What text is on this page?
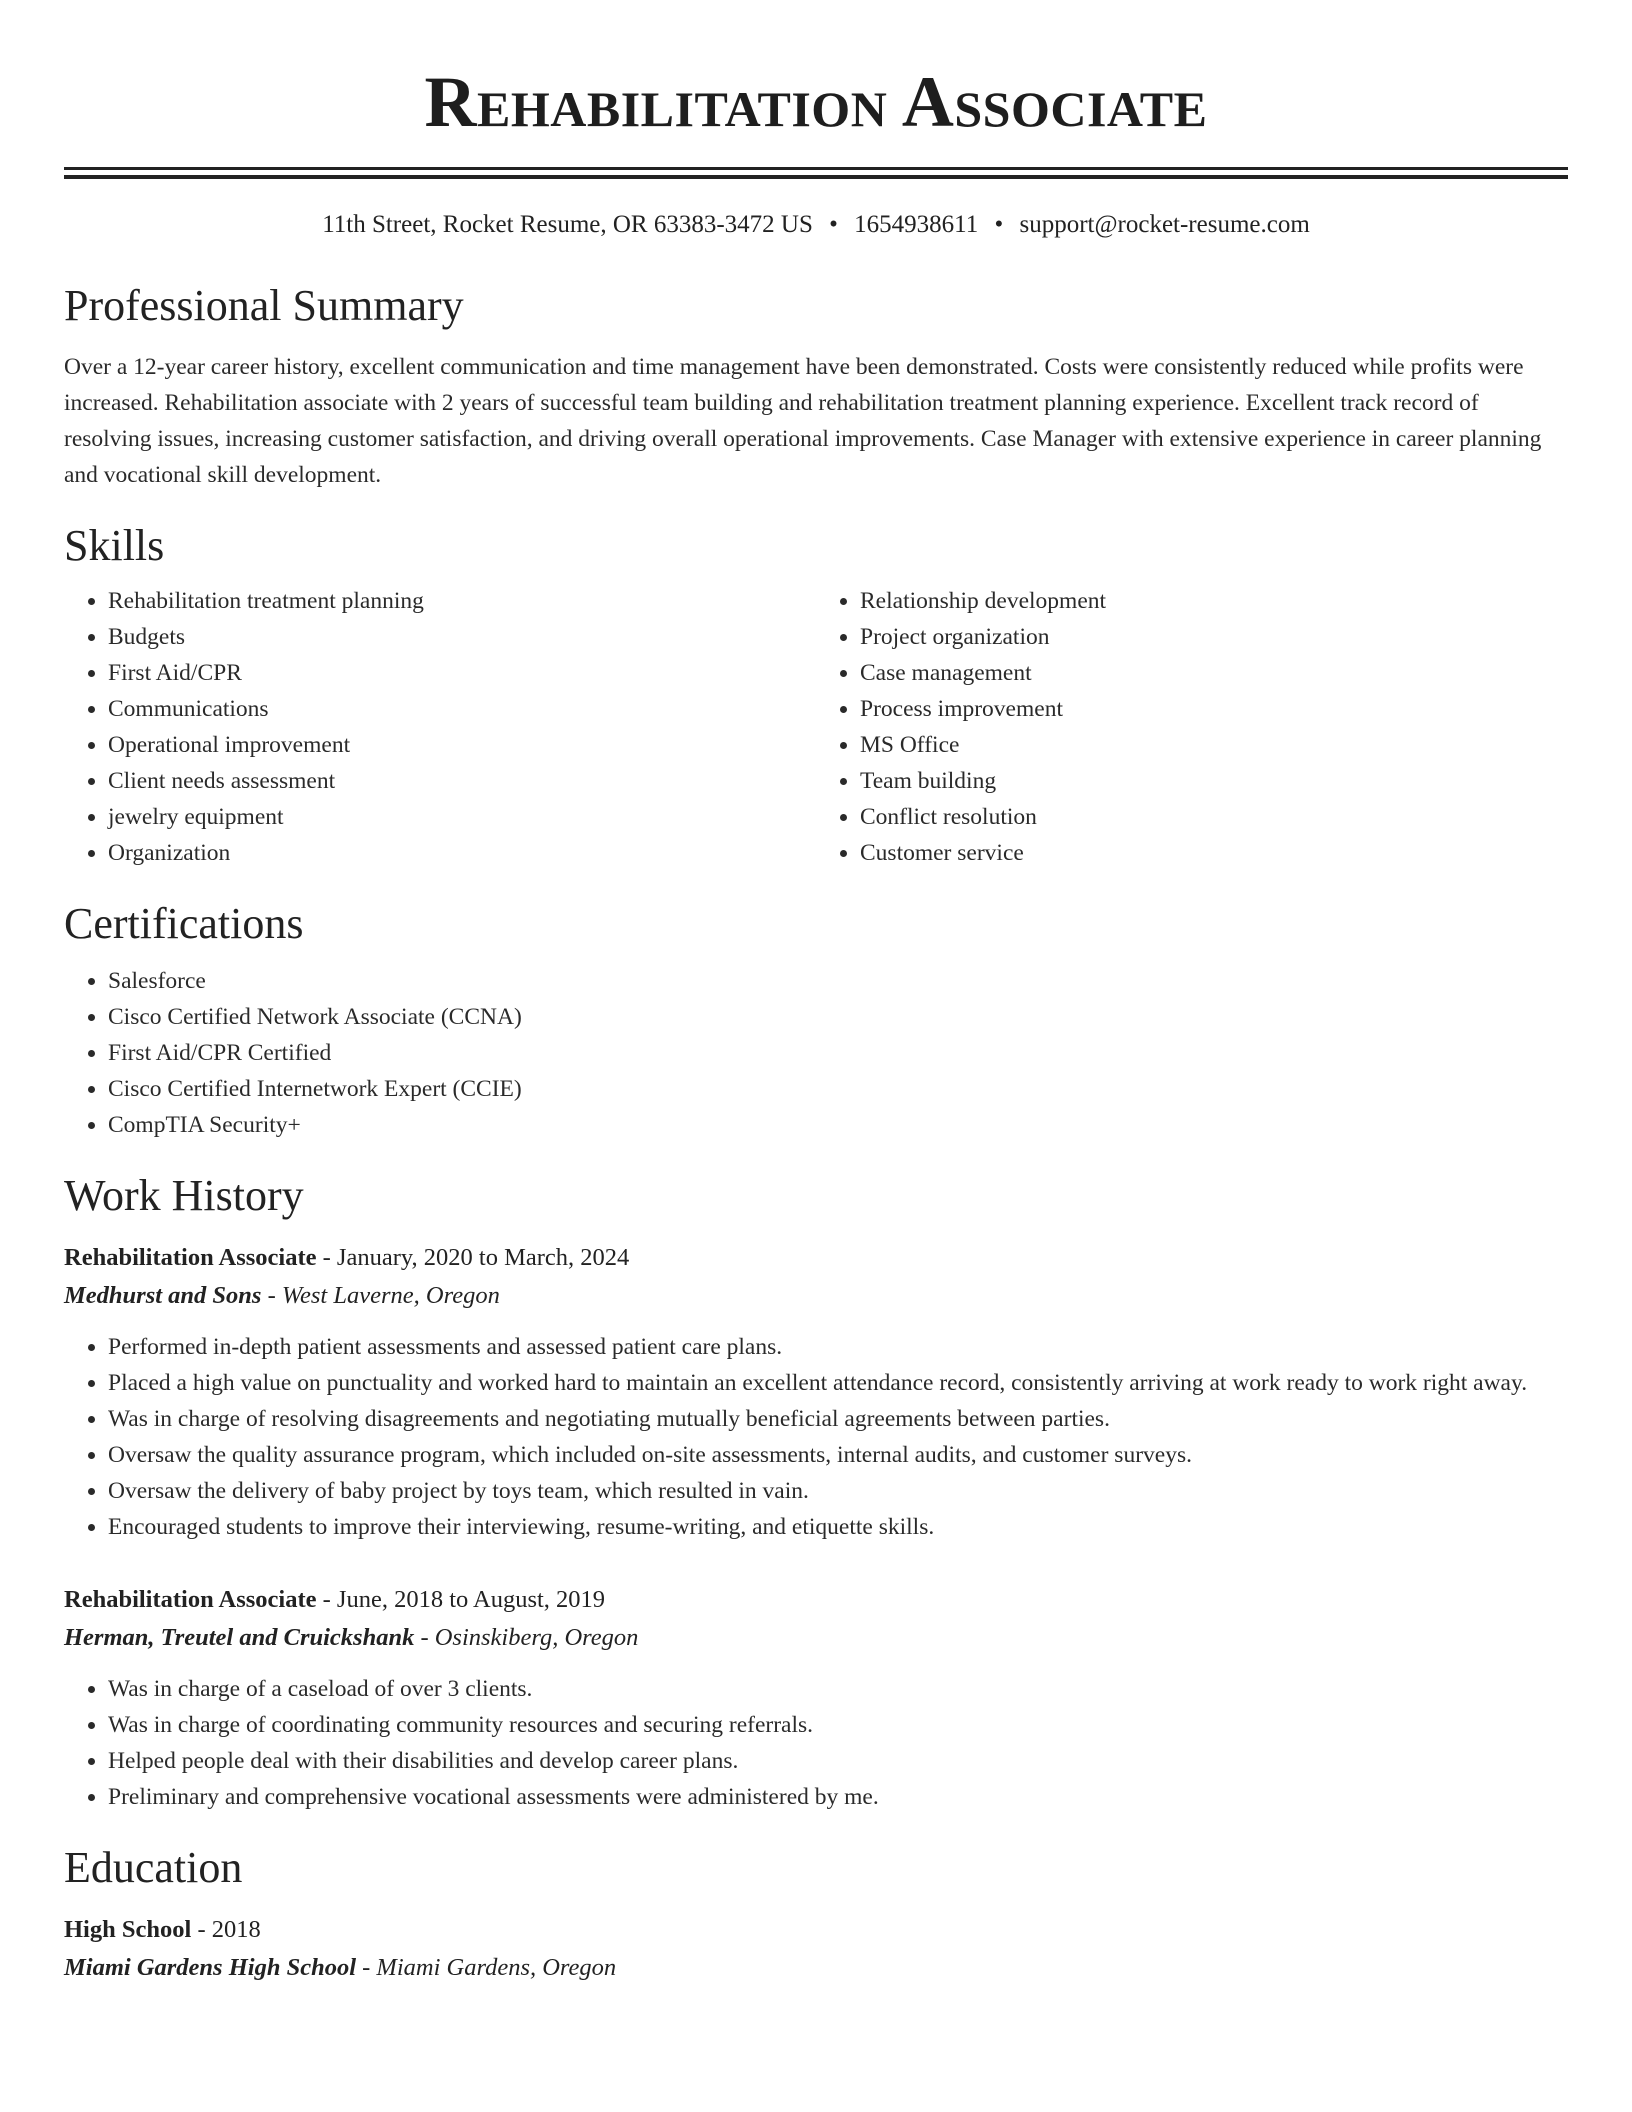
Rehabilitation Associate
11th Street, Rocket Resume, OR 63383-3472 US • 1654938611 • support@rocket-resume.com
Professional Summary

Over a 12-year career history, excellent communication and time management have been demonstrated. Costs were consistently reduced while profits were increased. Rehabilitation associate with 2 years of successful team building and rehabilitation treatment planning experience. Excellent track record of resolving issues, increasing customer satisfaction, and driving overall operational improvements. Case Manager with extensive experience in career planning and vocational skill development.

Skills
• Rehabilitation treatment planning
• Budgets
• First Aid/CPR
• Communications
• Operational improvement
• Client needs assessment
• jewelry equipment
• Organization
• Relationship development
• Project organization
• Case management
• Process improvement
• MS Office
• Team building
• Conflict resolution
• Customer service
Certifications
• Salesforce
• Cisco Certified Network Associate (CCNA)
• First Aid/CPR Certified
• Cisco Certified Internetwork Expert (CCIE)
• CompTIA Security+
Work History
Rehabilitation Associate - January, 2020 to March, 2024
Medhurst and Sons - West Laverne, Oregon
• Performed in-depth patient assessments and assessed patient care plans.
• Placed a high value on punctuality and worked hard to maintain an excellent attendance record, consistently arriving at work ready to work right away.
• Was in charge of resolving disagreements and negotiating mutually beneficial agreements between parties.
• Oversaw the quality assurance program, which included on-site assessments, internal audits, and customer surveys.
• Oversaw the delivery of baby project by toys team, which resulted in vain.
• Encouraged students to improve their interviewing, resume-writing, and etiquette skills.
Rehabilitation Associate - June, 2018 to August, 2019
Herman, Treutel and Cruickshank - Osinskiberg, Oregon
• Was in charge of a caseload of over 3 clients.
• Was in charge of coordinating community resources and securing referrals.
• Helped people deal with their disabilities and develop career plans.
• Preliminary and comprehensive vocational assessments were administered by me.
Education
High School - 2018
Miami Gardens High School - Miami Gardens, Oregon
